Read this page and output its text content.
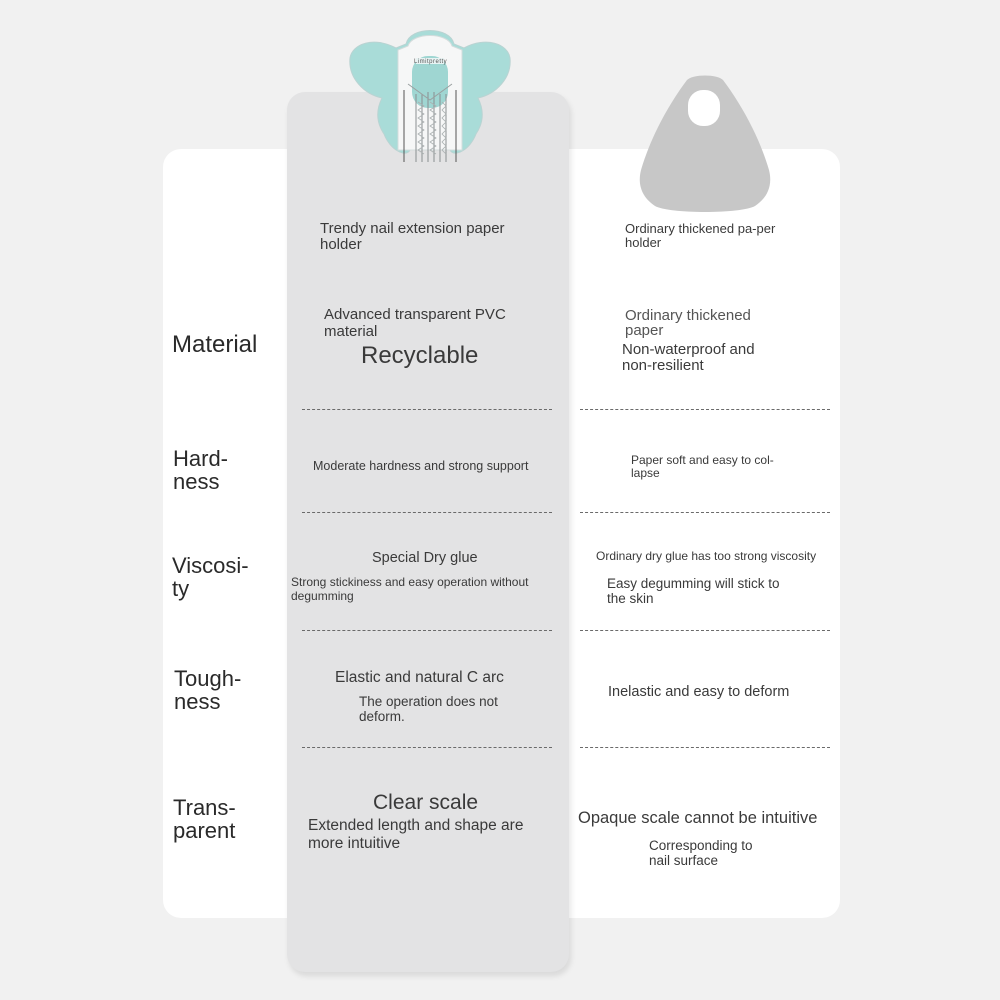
Limitpretty
Material
Hard-ness
Viscosi-ty
Tough-ness
Trans-parent
Trendy nail extension paper holder
Advanced transparent PVC material
Recyclable
Ordinary thickened pa-per holder
Ordinary thickened paper
Non-waterproof and non-resilient
Moderate hardness and strong support	Paper soft and easy to col-lapse
Special Dry glue
Strong stickiness and easy operation without degumming
Ordinary dry glue has too strong viscosity
Easy degumming will stick to the skin
Elastic and natural C arc
The operation does not deform.
Inelastic and easy to deform
Clear scale
Extended length and shape are more intuitive
Opaque scale cannot be intuitive
Corresponding to nail surface
